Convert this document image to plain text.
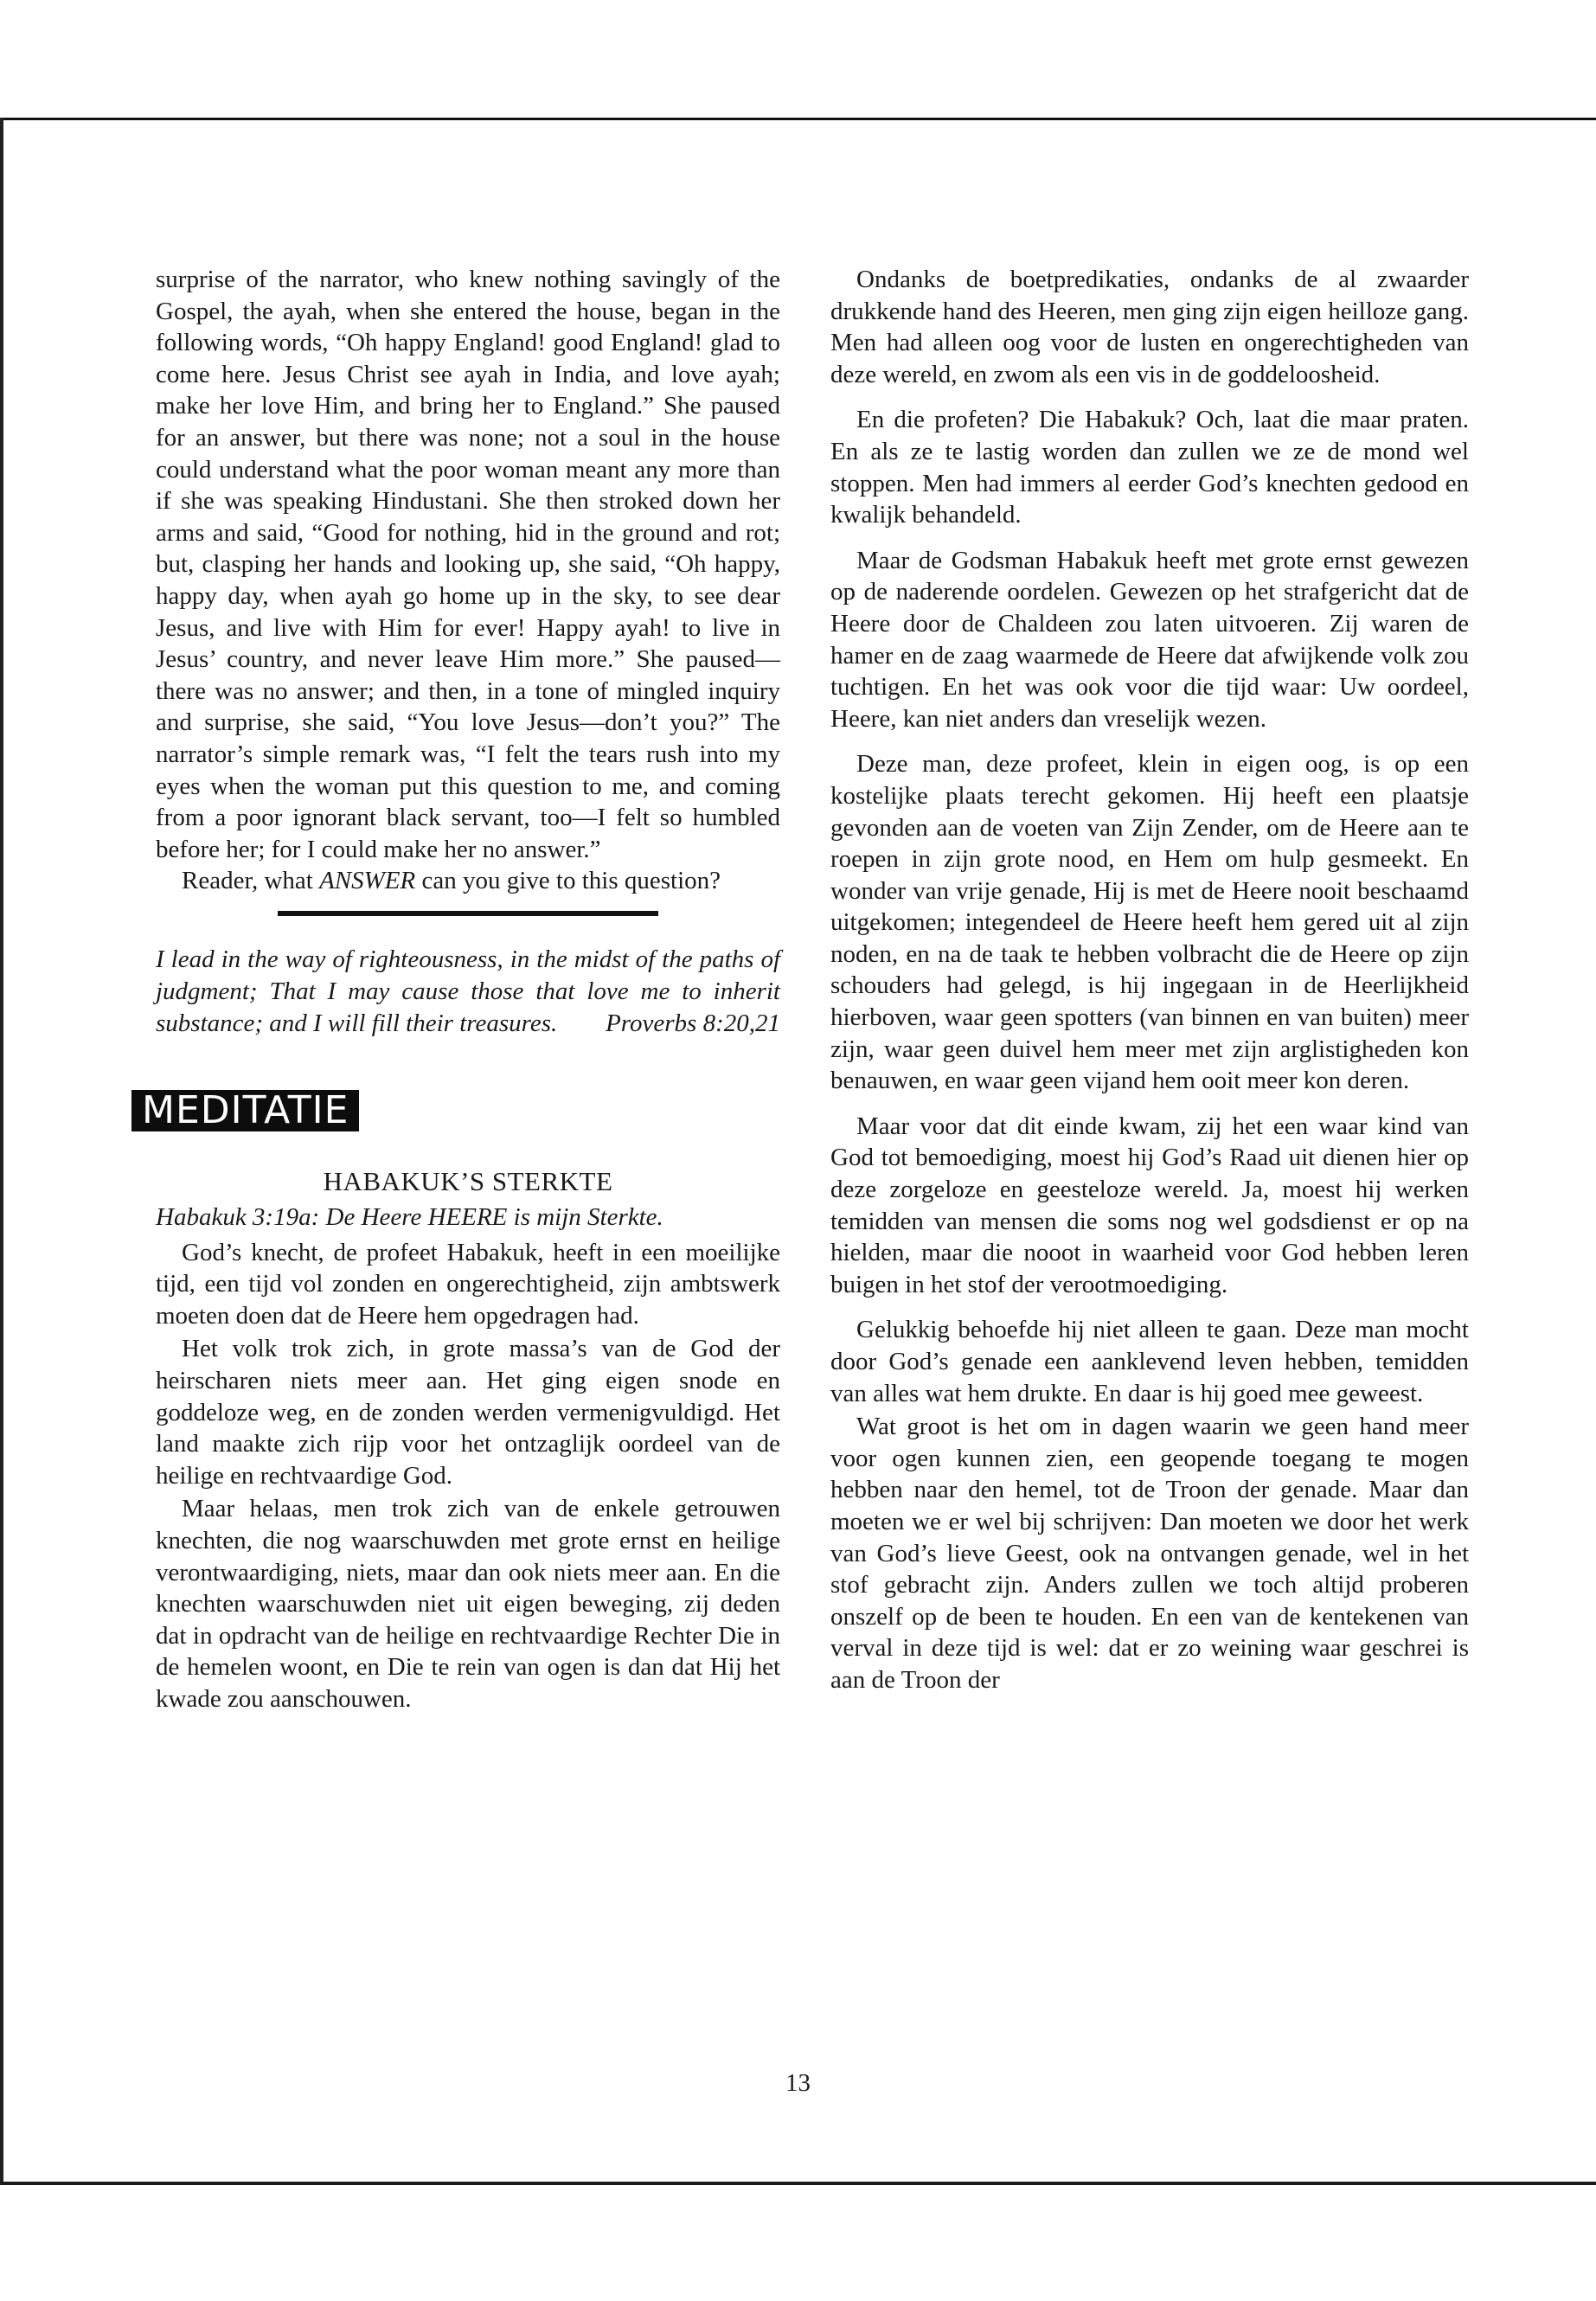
surprise of the narrator, who knew nothing savingly of the Gospel, the ayah, when she entered the house, began in the following words, “Oh happy England! good England! glad to come here. Jesus Christ see ayah in India, and love ayah; make her love Him, and bring her to England.” She paused for an answer, but there was none; not a soul in the house could understand what the poor woman meant any more than if she was speaking Hindustani. She then stroked down her arms and said, “Good for nothing, hid in the ground and rot; but, clasping her hands and looking up, she said, “Oh happy, happy day, when ayah go home up in the sky, to see dear Jesus, and live with Him for ever! Happy ayah! to live in Jesus’ country, and never leave Him more.” She paused—there was no answer; and then, in a tone of mingled inquiry and surprise, she said, “You love Jesus—don’t you?” The narrator’s simple remark was, “I felt the tears rush into my eyes when the woman put this question to me, and coming from a poor ignorant black servant, too—I felt so humbled before her; for I could make her no answer.”

Reader, what ANSWER can you give to this question?

I lead in the way of righteousness, in the midst of the paths of judgment; That I may cause those that love me to inherit substance; and I will fill their treasures.	Proverbs 8:20,21
MEDITATIE
HABAKUK’S STERKTE

Habakuk 3:19a: De Heere HEERE is mijn Sterkte.

God’s knecht, de profeet Habakuk, heeft in een moeilijke tijd, een tijd vol zonden en ongerechtigheid, zijn ambtswerk moeten doen dat de Heere hem opgedragen had.

Het volk trok zich, in grote massa’s van de God der heirscharen niets meer aan. Het ging eigen snode en goddeloze weg, en de zonden werden vermenigvuldigd. Het land maakte zich rijp voor het ontzaglijk oordeel van de heilige en rechtvaardige God.

Maar helaas, men trok zich van de enkele getrouwen knechten, die nog waarschuwden met grote ernst en heilige verontwaardiging, niets, maar dan ook niets meer aan. En die knechten waarschuwden niet uit eigen beweging, zij deden dat in opdracht van de heilige en rechtvaardige Rechter Die in de hemelen woont, en Die te rein van ogen is dan dat Hij het kwade zou aanschouwen.

Ondanks de boetpredikaties, ondanks de al zwaarder drukkende hand des Heeren, men ging zijn eigen heilloze gang. Men had alleen oog voor de lusten en ongerechtigheden van deze wereld, en zwom als een vis in de goddeloosheid.

En die profeten? Die Habakuk? Och, laat die maar praten. En als ze te lastig worden dan zullen we ze de mond wel stoppen. Men had immers al eerder God’s knechten gedood en kwalijk behandeld.

Maar de Godsman Habakuk heeft met grote ernst gewezen op de naderende oordelen. Gewezen op het strafgericht dat de Heere door de Chaldeen zou laten uitvoeren. Zij waren de hamer en de zaag waarmede de Heere dat afwijkende volk zou tuchtigen. En het was ook voor die tijd waar: Uw oordeel, Heere, kan niet anders dan vreselijk wezen.

Deze man, deze profeet, klein in eigen oog, is op een kostelijke plaats terecht gekomen. Hij heeft een plaatsje gevonden aan de voeten van Zijn Zender, om de Heere aan te roepen in zijn grote nood, en Hem om hulp gesmeekt. En wonder van vrije genade, Hij is met de Heere nooit beschaamd uitgekomen; integendeel de Heere heeft hem gered uit al zijn noden, en na de taak te hebben volbracht die de Heere op zijn schouders had gelegd, is hij ingegaan in de Heerlijkheid hierboven, waar geen spotters (van binnen en van buiten) meer zijn, waar geen duivel hem meer met zijn arglistigheden kon benauwen, en waar geen vijand hem ooit meer kon deren.

Maar voor dat dit einde kwam, zij het een waar kind van God tot bemoediging, moest hij God’s Raad uit dienen hier op deze zorgeloze en geesteloze wereld. Ja, moest hij werken temidden van mensen die soms nog wel godsdienst er op na hielden, maar die nooot in waarheid voor God hebben leren buigen in het stof der verootmoediging.

Gelukkig behoefde hij niet alleen te gaan. Deze man mocht door God’s genade een aanklevend leven hebben, temidden van alles wat hem drukte. En daar is hij goed mee geweest.

Wat groot is het om in dagen waarin we geen hand meer voor ogen kunnen zien, een geopende toegang te mogen hebben naar den hemel, tot de Troon der genade. Maar dan moeten we er wel bij schrijven: Dan moeten we door het werk van God’s lieve Geest, ook na ontvangen genade, wel in het stof gebracht zijn. Anders zullen we toch altijd proberen onszelf op de been te houden. En een van de kentekenen van verval in deze tijd is wel: dat er zo weining waar geschrei is aan de Troon der

13
